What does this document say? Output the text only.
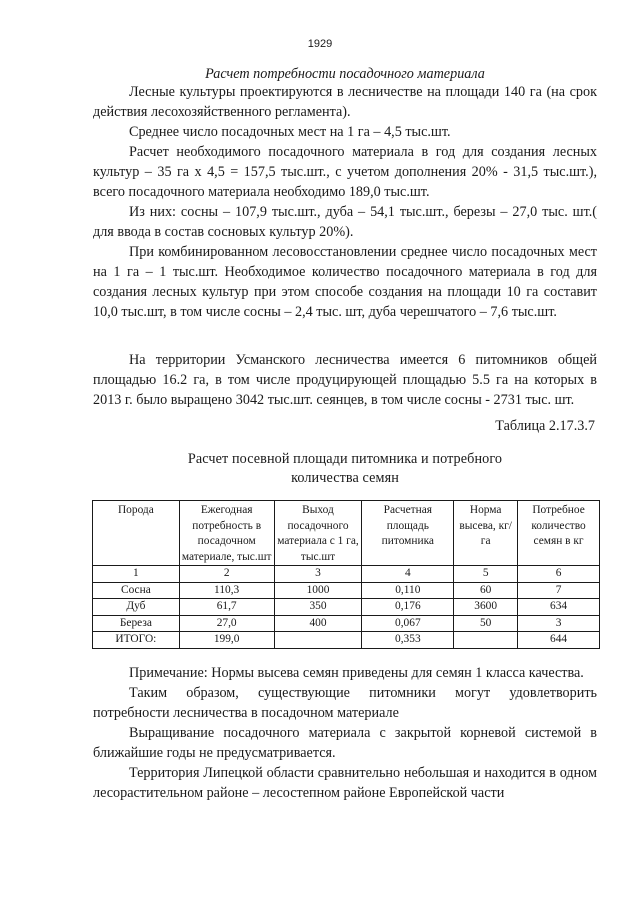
1929
Расчет потребности посадочного материала

Лесные культуры проектируются в лесничестве на площади 140 га (на срок действия лесохозяйственного регламента).

Среднее число посадочных мест на 1 га – 4,5 тыс.шт.

Расчет необходимого посадочного материала в год для создания лесных культур – 35 га х 4,5 = 157,5 тыс.шт., с учетом дополнения 20% - 31,5 тыс.шт.), всего посадочного материала необходимо 189,0 тыс.шт.

Из них: сосны – 107,9 тыс.шт., дуба – 54,1 тыс.шт., березы – 27,0 тыс. шт.( для ввода в состав сосновых культур 20%).

При комбинированном лесовосстановлении среднее число посадочных мест на 1 га – 1 тыс.шт. Необходимое количество посадочного материала в год для создания лесных культур при этом способе создания на площади 10 га составит 10,0 тыс.шт, в том числе сосны – 2,4 тыс. шт, дуба черешчатого – 7,6 тыс.шт.

На территории Усманского лесничества имеется 6 питомников общей площадью 16.2 га, в том числе продуцирующей площадью 5.5 га на которых в 2013 г. было выращено 3042 тыс.шт. сеянцев, в том числе сосны - 2731 тыс. шт.

Таблица 2.17.3.7
Расчет посевной площади питомника и потребного количества семян
Порода	Ежегодная потребность в посадочном материале, тыс.шт	Выход посадочного материала с 1 га, тыс.шт	Расчетная площадь питомника	Норма высева, кг/га	Потребное количество семян в кг
1	2	3	4	5	6
Сосна	110,3	1000	0,110	60	7
Дуб	61,7	350	0,176	3600	634
Береза	27,0	400	0,067	50	3
ИТОГО:	199,0		0,353		644

Примечание: Нормы высева семян приведены для семян 1 класса качества.

Таким образом, существующие питомники могут удовлетворить потребности лесничества в посадочном материале

Выращивание посадочного материала с закрытой корневой системой в ближайшие годы не предусматривается.

Территория Липецкой области сравнительно небольшая и находится в одном лесорастительном районе – лесостепном районе Европейской части
